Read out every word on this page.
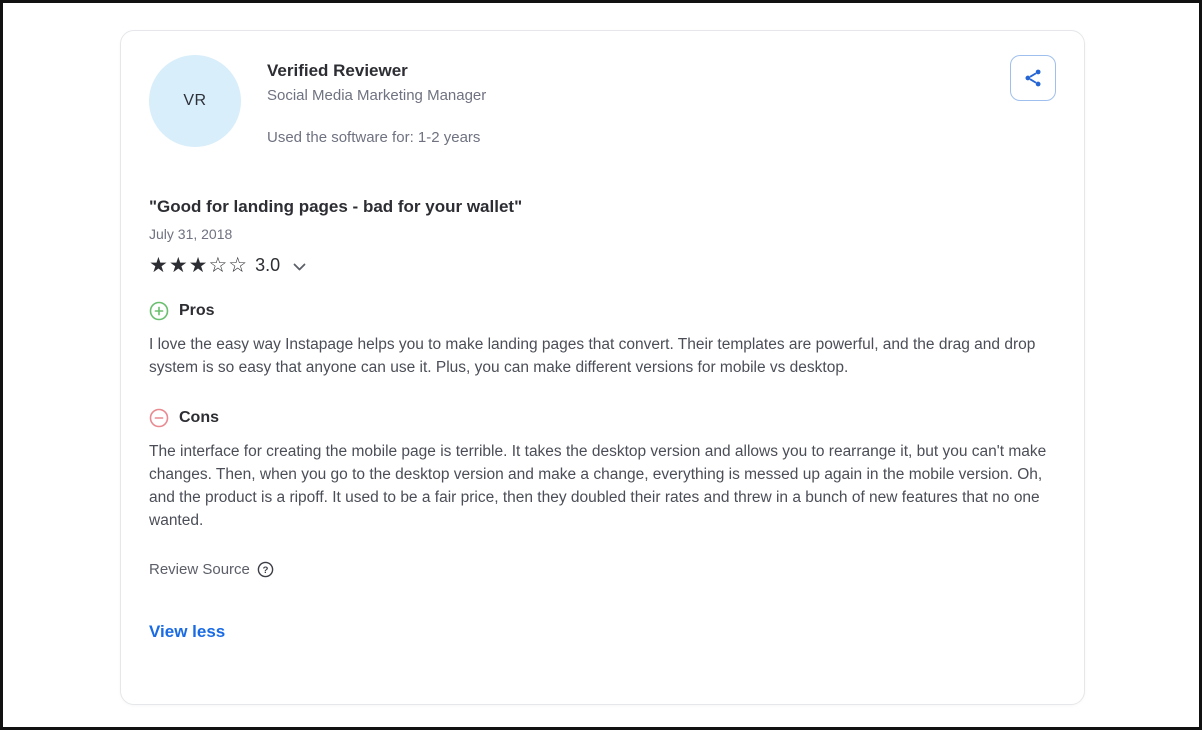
VR
Verified Reviewer
Social Media Marketing Manager
Used the software for: 1-2 years
"Good for landing pages - bad for your wallet"
July 31, 2018
★★★☆☆ 3.0
Pros
I love the easy way Instapage helps you to make landing pages that convert. Their templates are powerful, and the drag and drop system is so easy that anyone can use it. Plus, you can make different versions for mobile vs desktop.
Cons
The interface for creating the mobile page is terrible. It takes the desktop version and allows you to rearrange it, but you can't make changes. Then, when you go to the desktop version and make a change, everything is messed up again in the mobile version. Oh, and the product is a ripoff. It used to be a fair price, then they doubled their rates and threw in a bunch of new features that no one wanted.
Review Source ?
View less
